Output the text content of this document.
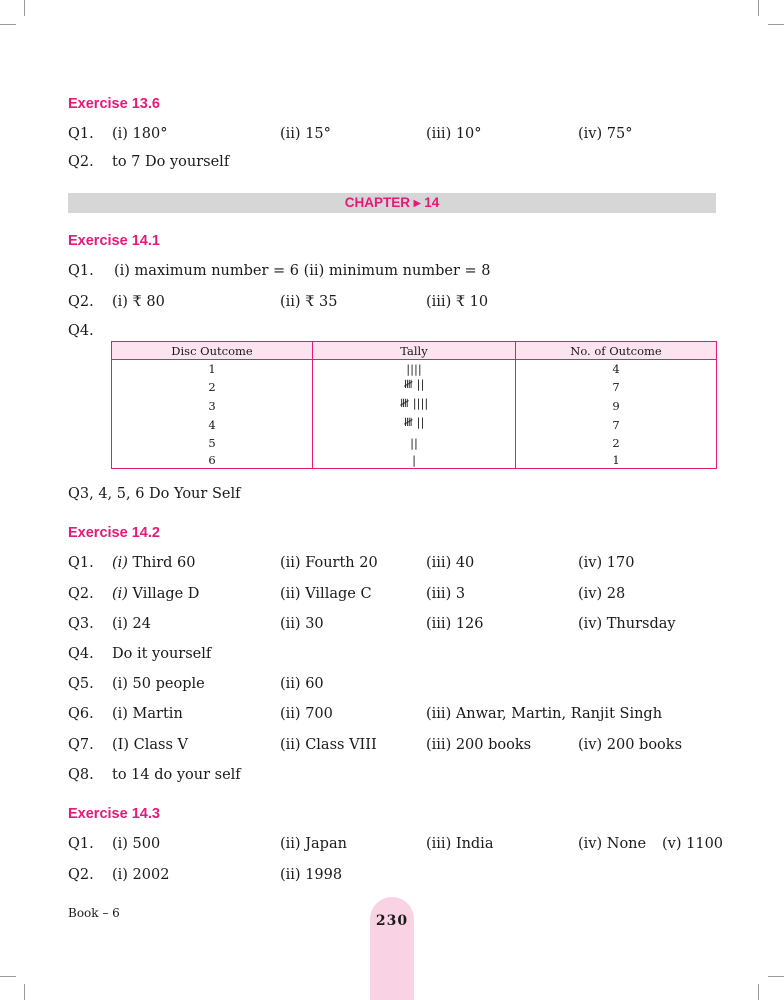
Exercise 13.6
Q1. (i) 180°	(ii) 15°	(iii) 10°	(iv) 75°
Q2. to 7 Do yourself
CHAPTER ▸ 14
Exercise 14.1
Q1. (i) maximum number = 6 (ii) minimum number = 8
Q2. (i) ₹ 80	(ii) ₹ 35	(iii) ₹ 10
Q4.
Disc Outcome	Tally	No. of Outcome
1	||||	4
2	𝍸 ||	7
3	𝍸 ||||	9
4	𝍸 ||	7
5	||	2
6	|	1
Q3, 4, 5, 6 Do Your Self
Exercise 14.2
Q1. (i) Third 60	(ii) Fourth 20	(iii) 40	(iv) 170
Q2. (i) Village D	(ii) Village C	(iii) 3	(iv) 28
Q3. (i) 24	(ii) 30	(iii) 126	(iv) Thursday
Q4. Do it yourself
Q5. (i) 50 people	(ii) 60
Q6. (i) Martin	(ii) 700	(iii) Anwar, Martin, Ranjit Singh
Q7. (I) Class V	(ii) Class VIII	(iii) 200 books	(iv) 200 books
Q8. to 14 do your self
Exercise 14.3
Q1. (i) 500	(ii) Japan	(iii) India	(iv) None (v) 1100
Q2. (i) 2002	(ii) 1998
Book – 6	230
